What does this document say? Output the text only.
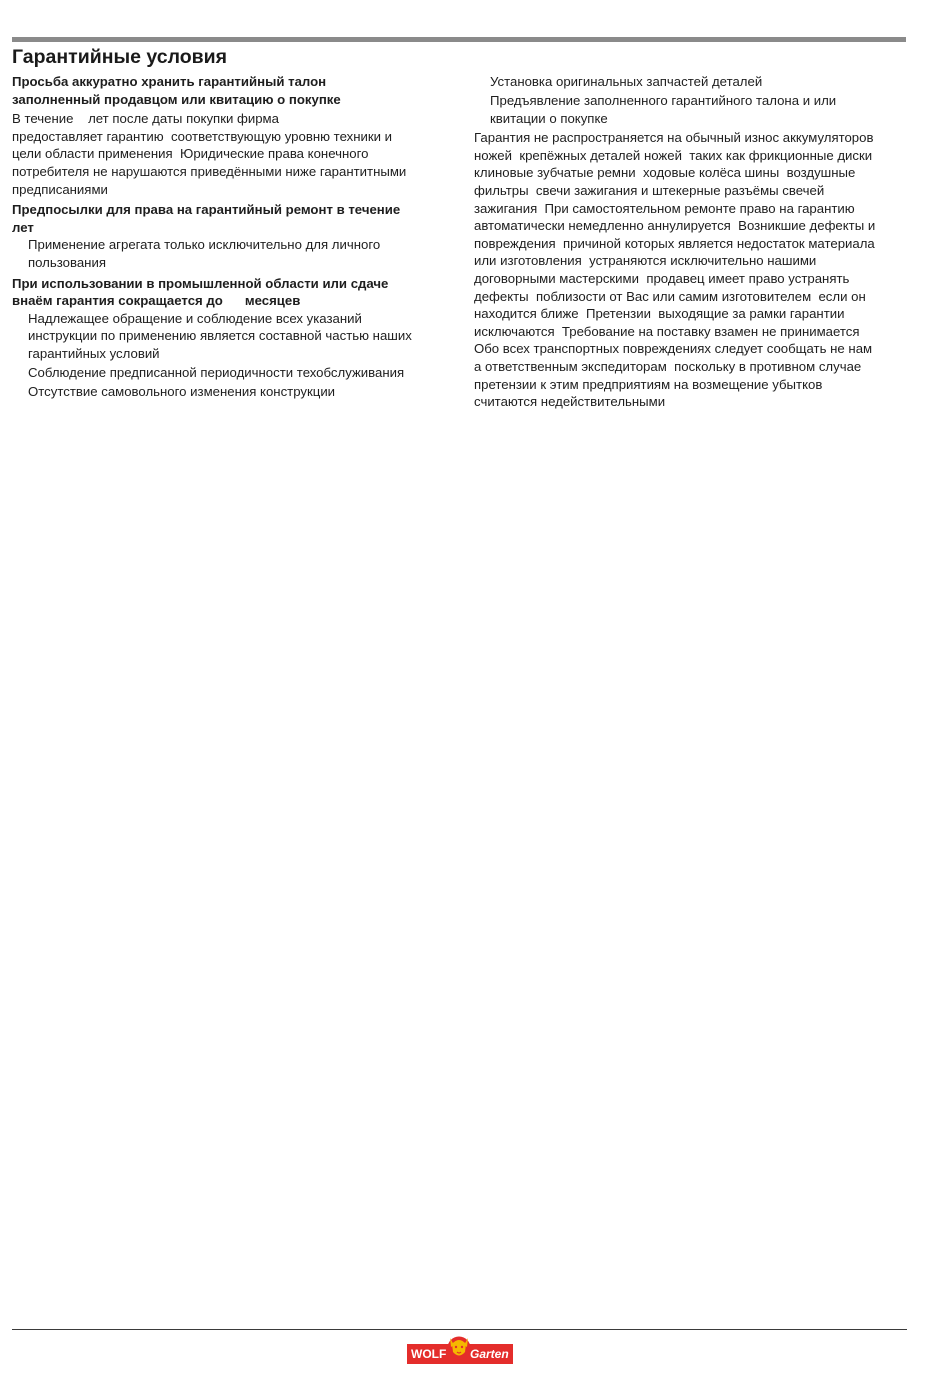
Гарантийные условия

Просьба аккуратно хранить гарантийный талон
заполненный продавцом или квитацию о покупке

В течение    лет после даты покупки фирма
предоставляет гарантию  соответствующую уровню техники и
цели области применения  Юридические права конечного
потребителя не нарушаются приведёнными ниже гарантитными
предписаниями

Предпосылки для права на гарантийный ремонт в течение
лет

Применение агрегата только исключительно для личного
пользования

При использовании в промышленной области или сдаче
внаём гарантия сокращается до      месяцев

Надлежащее обращение и соблюдение всех указаний
инструкции по применению является составной частью наших
гарантийных условий

Соблюдение предписанной периодичности техобслуживания

Отсутствие самовольного изменения конструкции

Установка оригинальных запчастей деталей

Предъявление заполненного гарантийного талона и или
квитации о покупке

Гарантия не распространяется на обычный износ аккумуляторов
ножей  крепёжных деталей ножей  таких как фрикционные диски
клиновые зубчатые ремни  ходовые колёса шины  воздушные
фильтры  свечи зажигания и штекерные разъёмы свечей
зажигания  При самостоятельном ремонте право на гарантию
автоматически немедленно аннулируется  Возникшие дефекты и
повреждения  причиной которых является недостаток материала
или изготовления  устраняются исключительно нашими
договорными мастерскими  продавец имеет право устранять
дефекты  поблизости от Вас или самим изготовителем  если он
находится ближе  Претензии  выходящие за рамки гарантии
исключаются  Требование на поставку взамен не принимается
Обо всех транспортных повреждениях следует сообщать не нам
а ответственным экспедиторам  поскольку в противном случае
претензии к этим предприятиям на возмещение убытков
считаются недействительными

WOLF Garten
